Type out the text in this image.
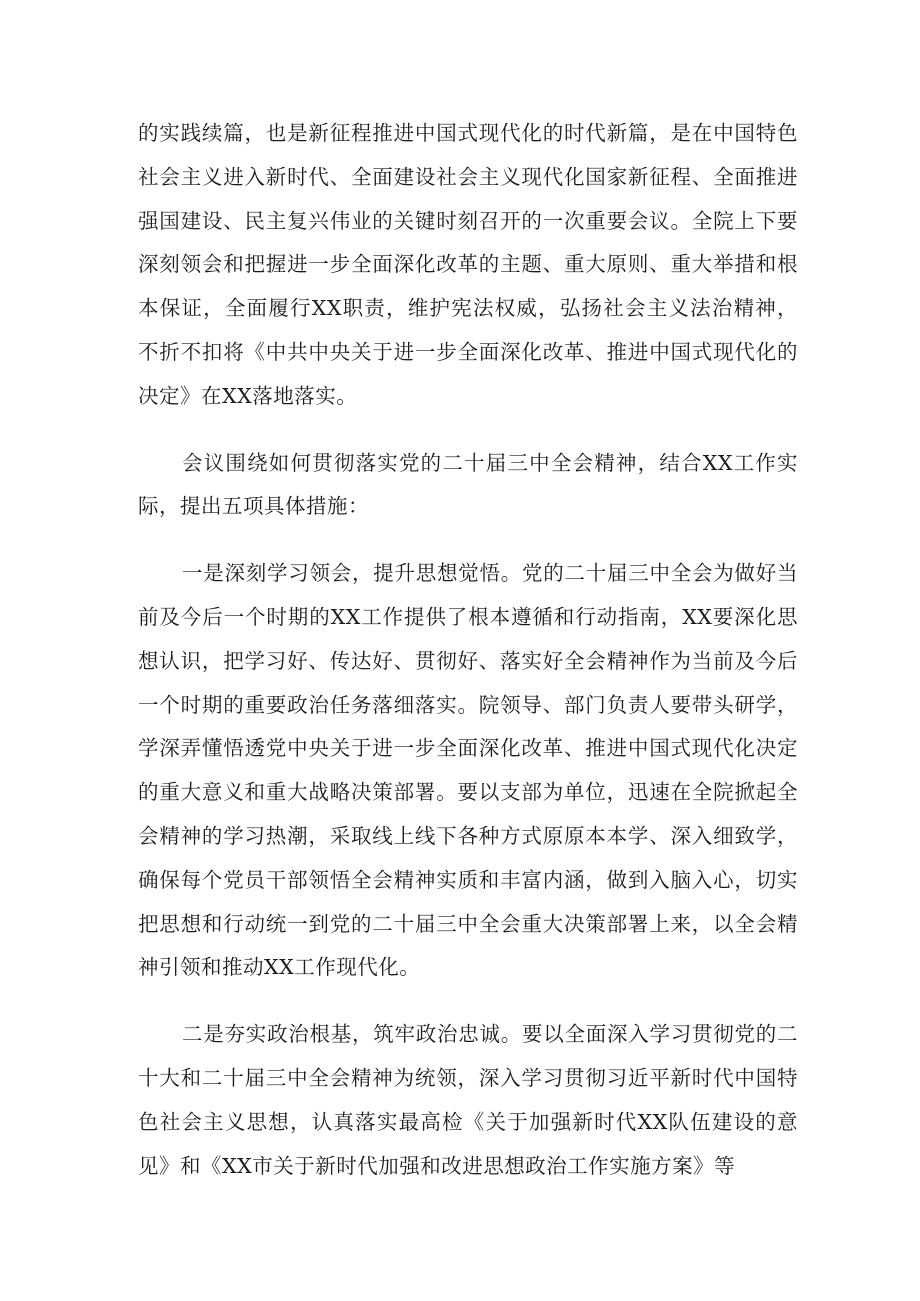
的实践续篇，也是新征程推进中国式现代化的时代新篇，是在中国特色社会主义进入新时代、全面建设社会主义现代化国家新征程、全面推进强国建设、民主复兴伟业的关键时刻召开的一次重要会议。全院上下要深刻领会和把握进一步全面深化改革的主题、重大原则、重大举措和根本保证，全面履行XX职责，维护宪法权威，弘扬社会主义法治精神，不折不扣将《中共中央关于进一步全面深化改革、推进中国式现代化的决定》在XX落地落实。

会议围绕如何贯彻落实党的二十届三中全会精神，结合XX工作实际，提出五项具体措施：

一是深刻学习领会，提升思想觉悟。党的二十届三中全会为做好当前及今后一个时期的XX工作提供了根本遵循和行动指南，XX要深化思想认识，把学习好、传达好、贯彻好、落实好全会精神作为当前及今后一个时期的重要政治任务落细落实。院领导、部门负责人要带头研学，学深弄懂悟透党中央关于进一步全面深化改革、推进中国式现代化决定的重大意义和重大战略决策部署。要以支部为单位，迅速在全院掀起全会精神的学习热潮，采取线上线下各种方式原原本本学、深入细致学，确保每个党员干部领悟全会精神实质和丰富内涵，做到入脑入心，切实把思想和行动统一到党的二十届三中全会重大决策部署上来，以全会精神引领和推动XX工作现代化。

二是夯实政治根基，筑牢政治忠诚。要以全面深入学习贯彻党的二十大和二十届三中全会精神为统领，深入学习贯彻习近平新时代中国特色社会主义思想，认真落实最高检《关于加强新时代XX队伍建设的意见》和《XX市关于新时代加强和改进思想政治工作实施方案》等
